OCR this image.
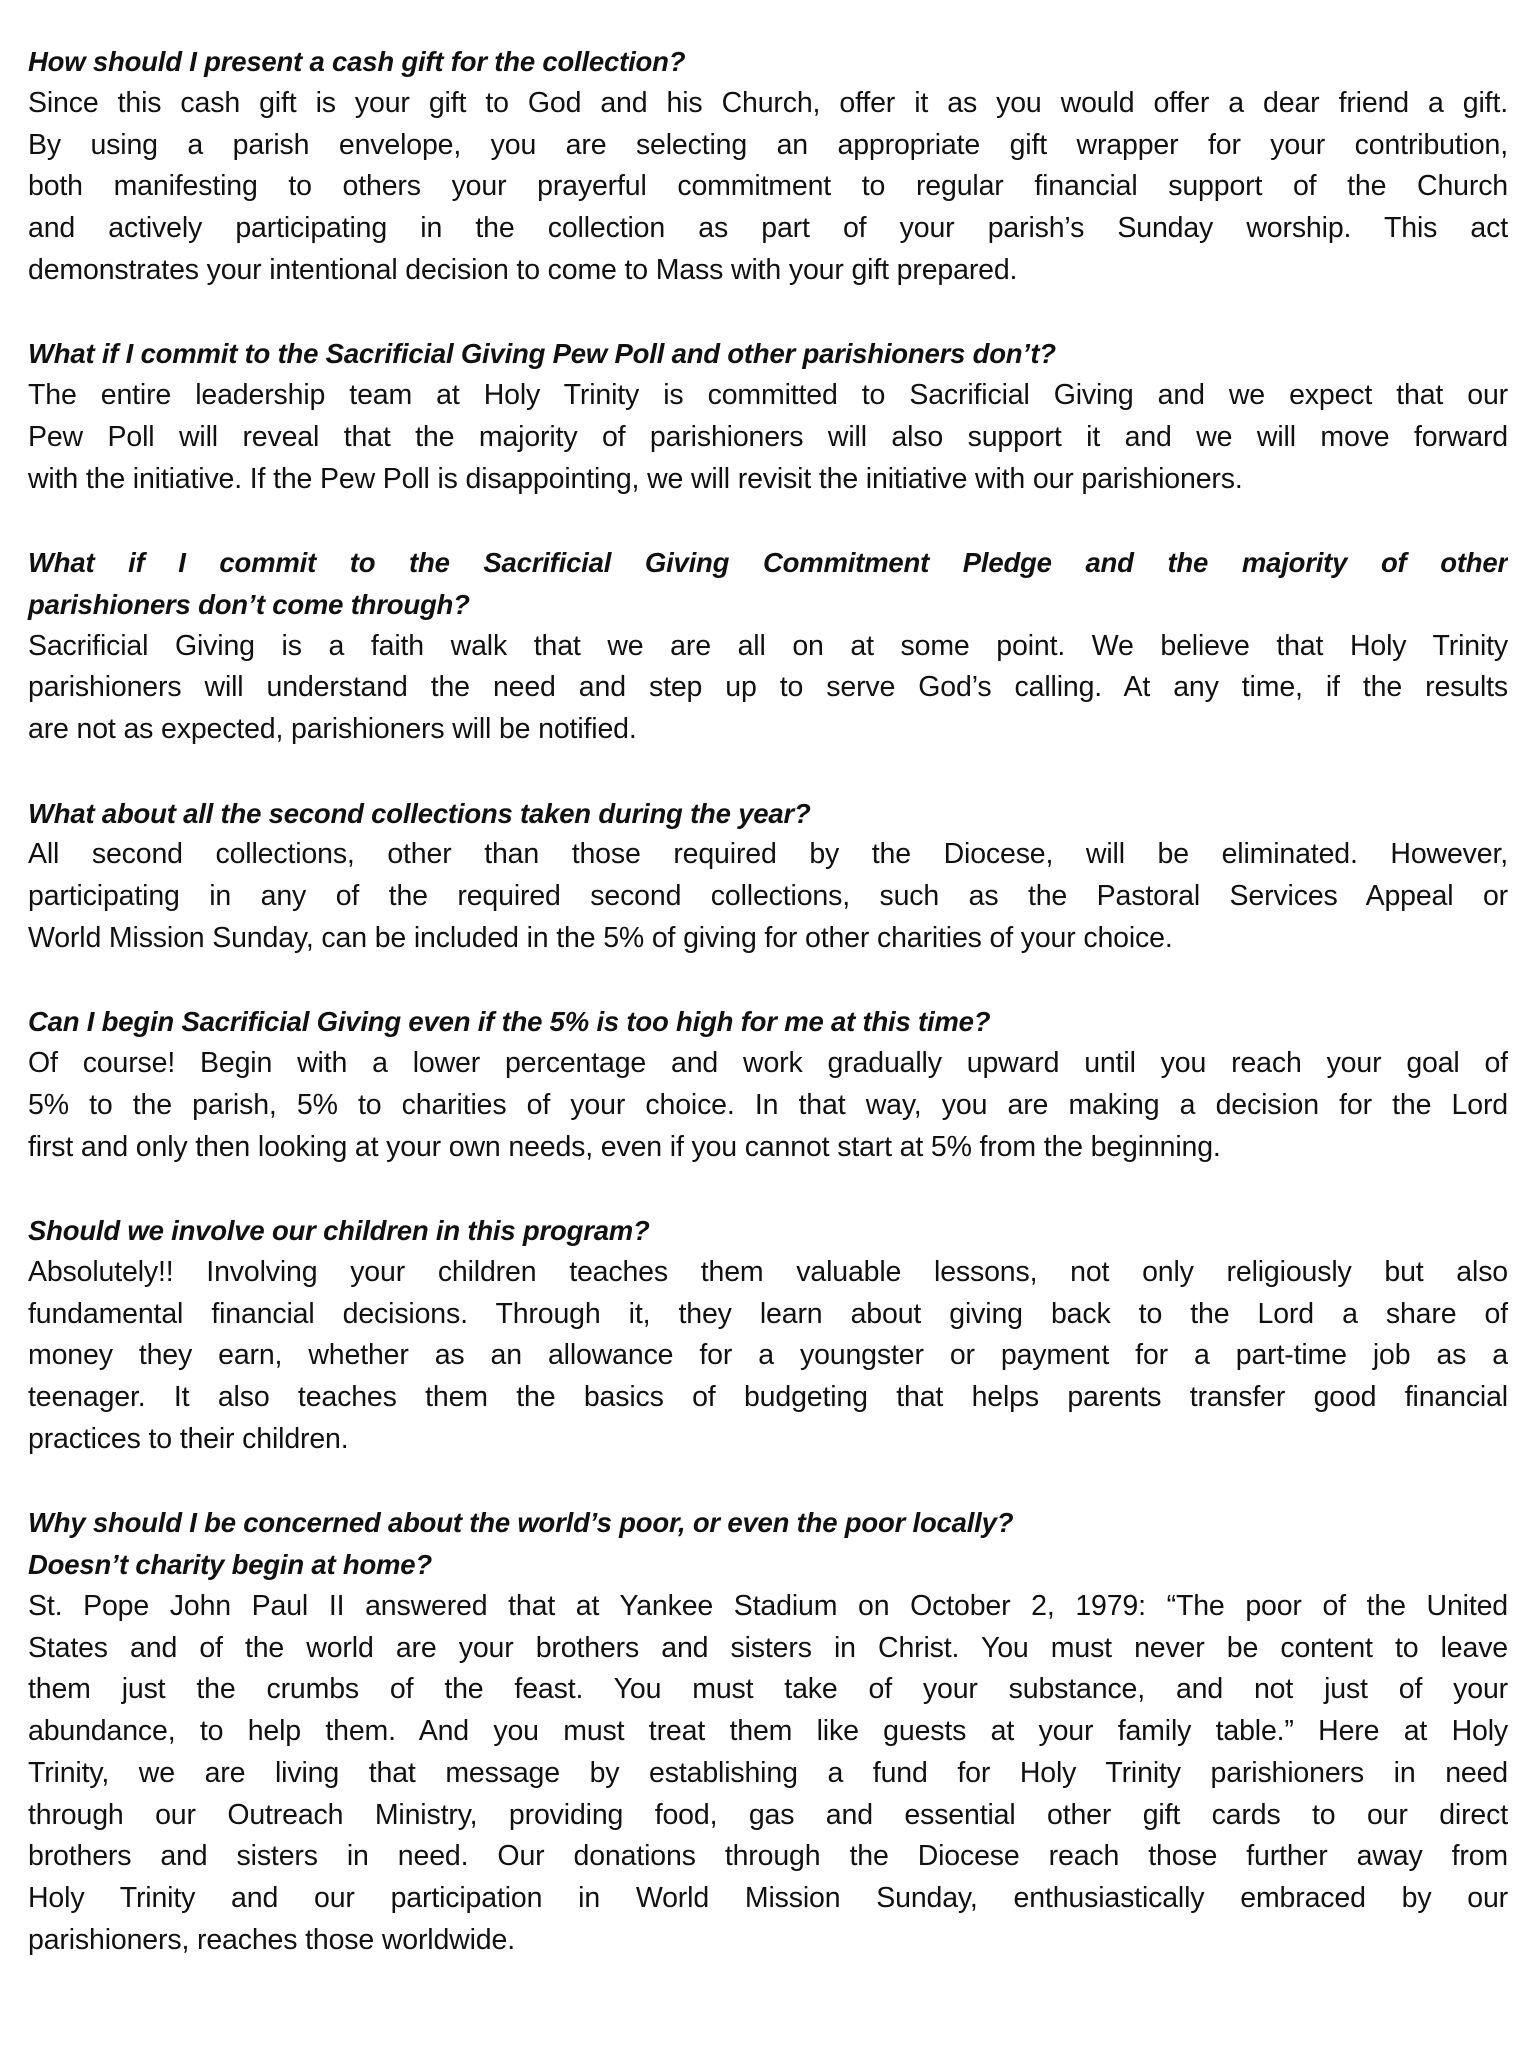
How should I present a cash gift for the collection?
Since this cash gift is your gift to God and his Church, offer it as you would offer a dear friend a gift.
By using a parish envelope, you are selecting an appropriate gift wrapper for your contribution,
both manifesting to others your prayerful commitment to regular financial support of the Church
and actively participating in the collection as part of your parish’s Sunday worship. This act
demonstrates your intentional decision to come to Mass with your gift prepared.
What if I commit to the Sacrificial Giving Pew Poll and other parishioners don’t?
The entire leadership team at Holy Trinity is committed to Sacrificial Giving and we expect that our
Pew Poll will reveal that the majority of parishioners will also support it and we will move forward
with the initiative. If the Pew Poll is disappointing, we will revisit the initiative with our parishioners.
What if I commit to the Sacrificial Giving Commitment Pledge and the majority of other
parishioners don’t come through?
Sacrificial Giving is a faith walk that we are all on at some point. We believe that Holy Trinity
parishioners will understand the need and step up to serve God’s calling. At any time, if the results
are not as expected, parishioners will be notified.
What about all the second collections taken during the year?
All second collections, other than those required by the Diocese, will be eliminated. However,
participating in any of the required second collections, such as the Pastoral Services Appeal or
World Mission Sunday, can be included in the 5% of giving for other charities of your choice.
Can I begin Sacrificial Giving even if the 5% is too high for me at this time?
Of course! Begin with a lower percentage and work gradually upward until you reach your goal of
5% to the parish, 5% to charities of your choice. In that way, you are making a decision for the Lord
first and only then looking at your own needs, even if you cannot start at 5% from the beginning.
Should we involve our children in this program?
Absolutely!! Involving your children teaches them valuable lessons, not only religiously but also
fundamental financial decisions. Through it, they learn about giving back to the Lord a share of
money they earn, whether as an allowance for a youngster or payment for a part-time job as a
teenager. It also teaches them the basics of budgeting that helps parents transfer good financial
practices to their children.
Why should I be concerned about the world’s poor, or even the poor locally?
Doesn’t charity begin at home?
St. Pope John Paul II answered that at Yankee Stadium on October 2, 1979: “The poor of the United
States and of the world are your brothers and sisters in Christ. You must never be content to leave
them just the crumbs of the feast. You must take of your substance, and not just of your
abundance, to help them. And you must treat them like guests at your family table.” Here at Holy
Trinity, we are living that message by establishing a fund for Holy Trinity parishioners in need
through our Outreach Ministry, providing food, gas and essential other gift cards to our direct
brothers and sisters in need. Our donations through the Diocese reach those further away from
Holy Trinity and our participation in World Mission Sunday, enthusiastically embraced by our
parishioners, reaches those worldwide.
